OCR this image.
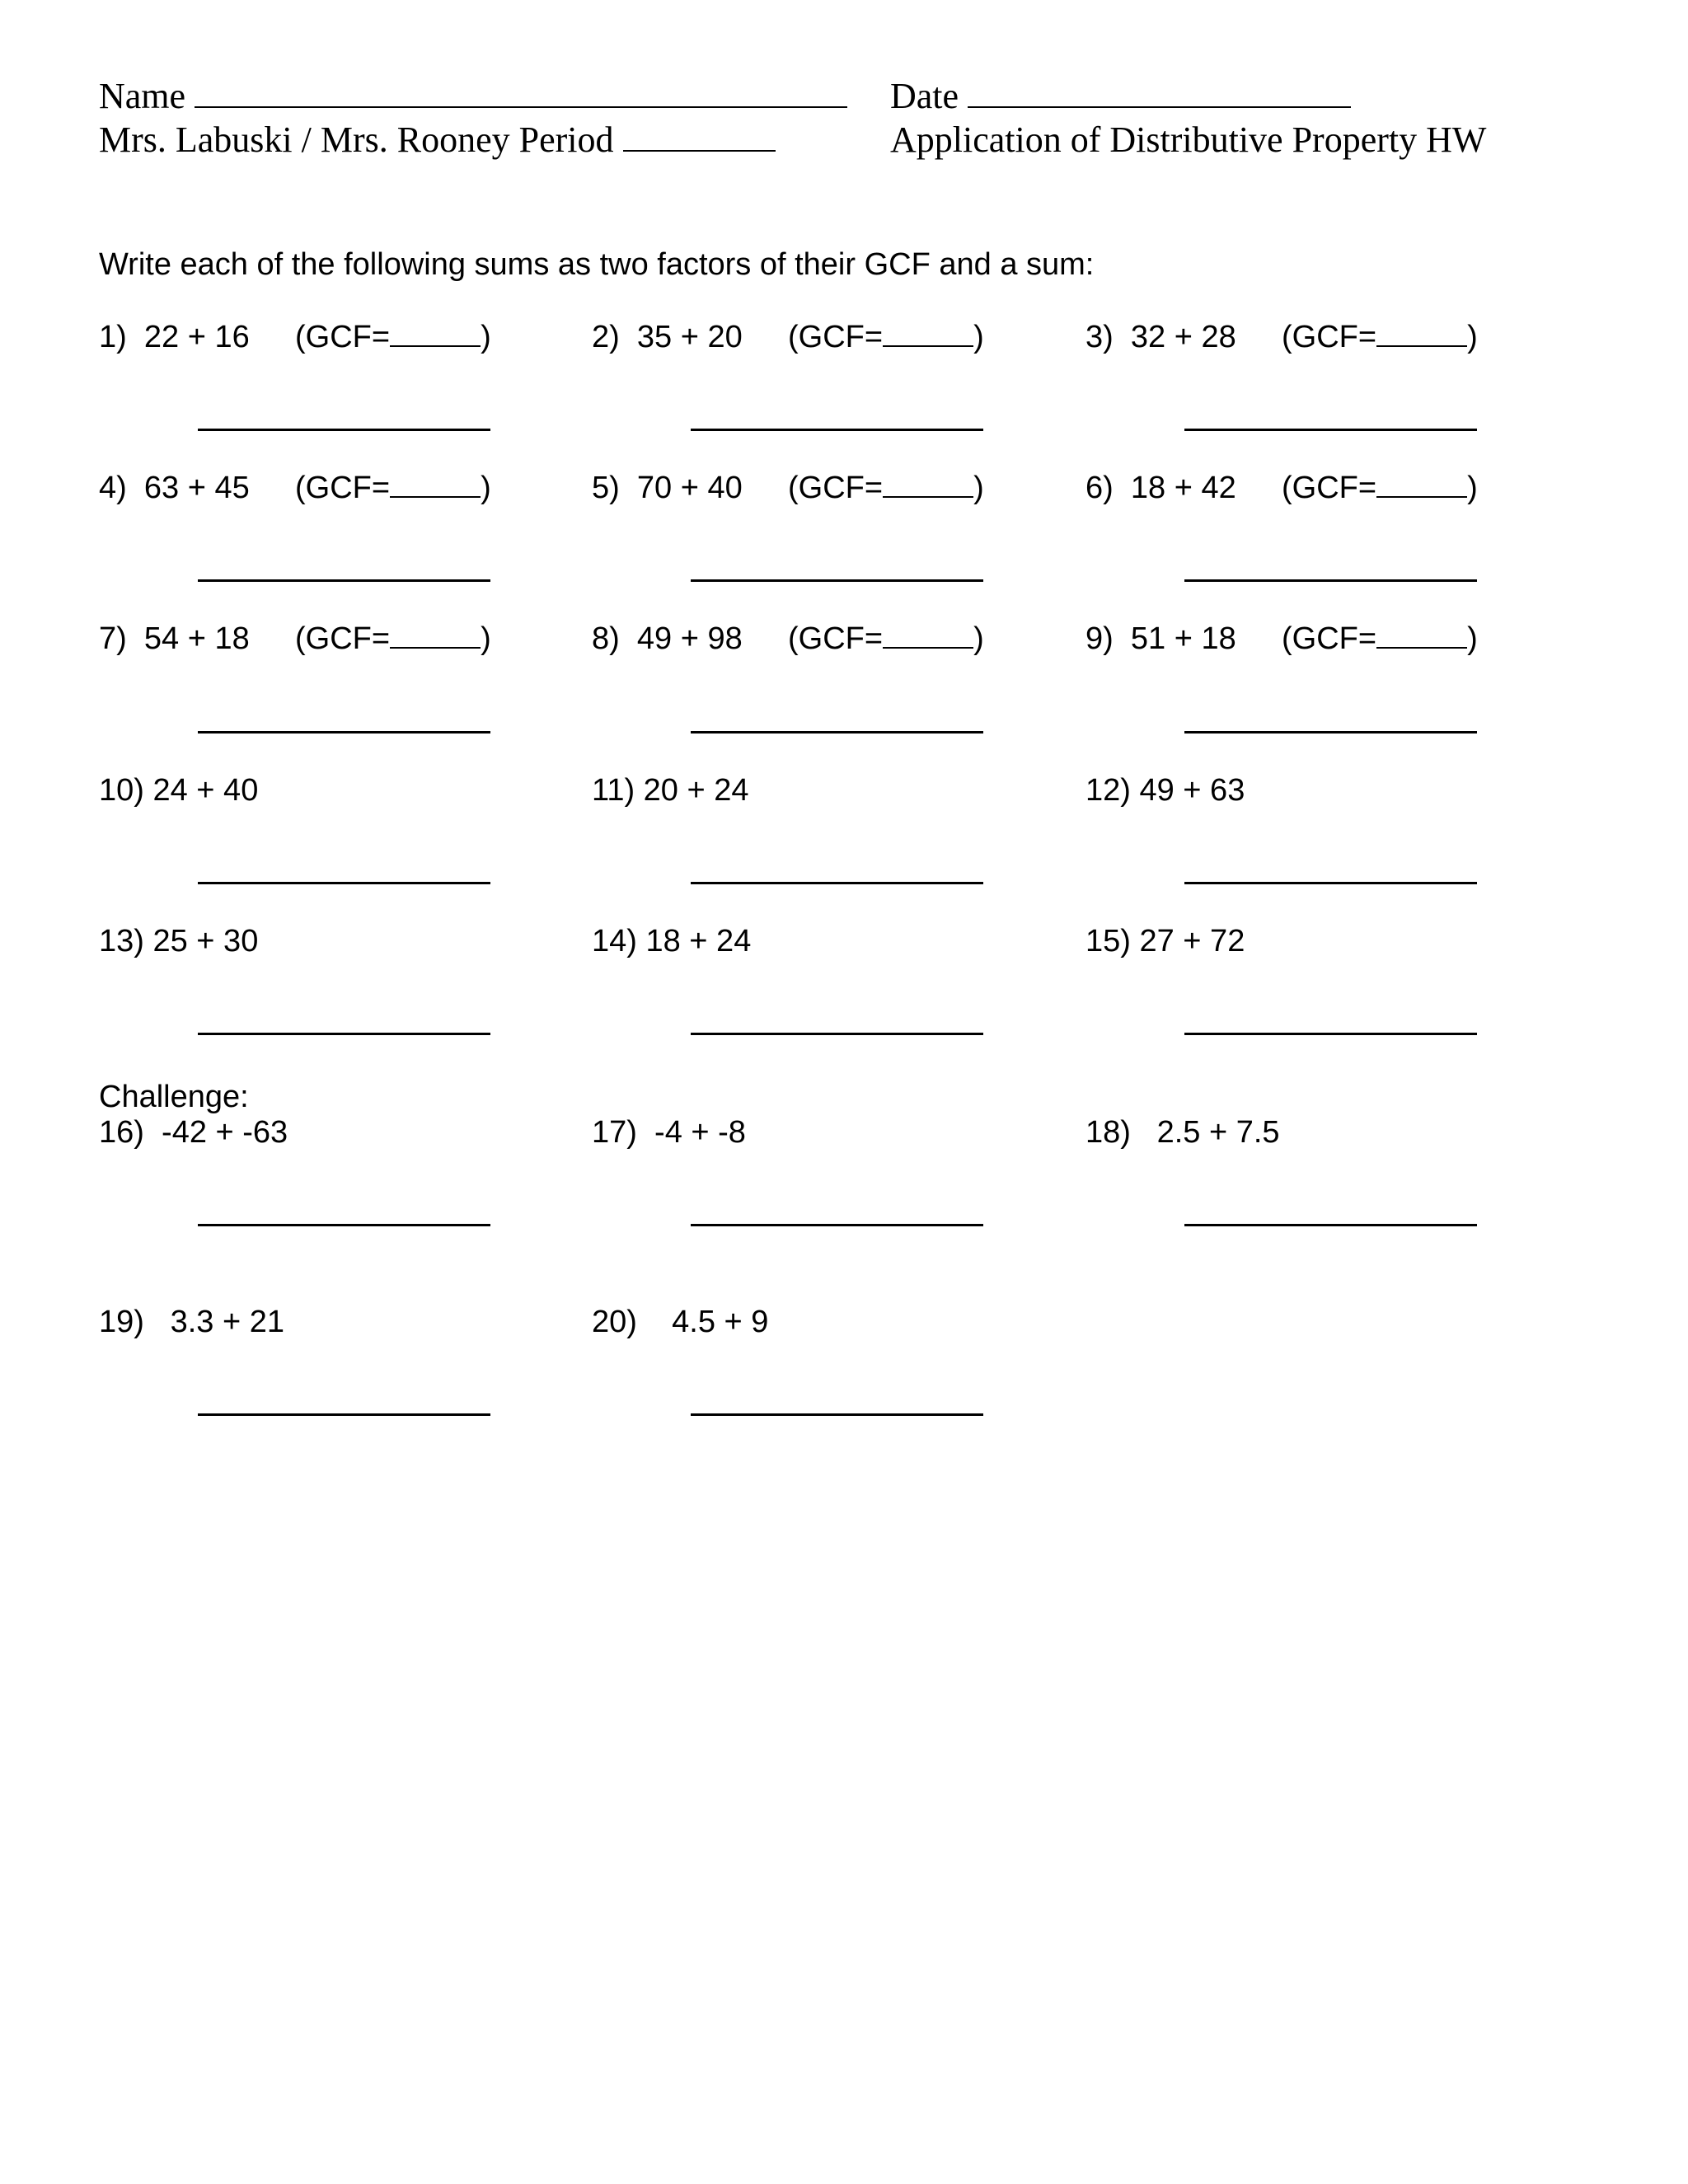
Name	Date
Mrs. Labuski / Mrs. Rooney Period	Application of Distributive Property HW
Write each of the following sums as two factors of their GCF and a sum:
Challenge:
1)  22 + 16 (GCF=	)	2)  35 + 20 (GCF=	)	3)  32 + 28 (GCF=	)
4)  63 + 45 (GCF=	)	5)  70 + 40 (GCF=	)	6)  18 + 42 (GCF=	)
7)  54 + 18 (GCF=	)	8)  49 + 98 (GCF=	)	9)  51 + 18 (GCF=	)
10) 24 + 40	11) 20 + 24	12) 49 + 63
13) 25 + 30	14) 18 + 24	15) 27 + 72
16)  -42 + -63	17)  -4 + -8	18)   2.5 + 7.5
19)   3.3 + 21	20)    4.5 + 9
